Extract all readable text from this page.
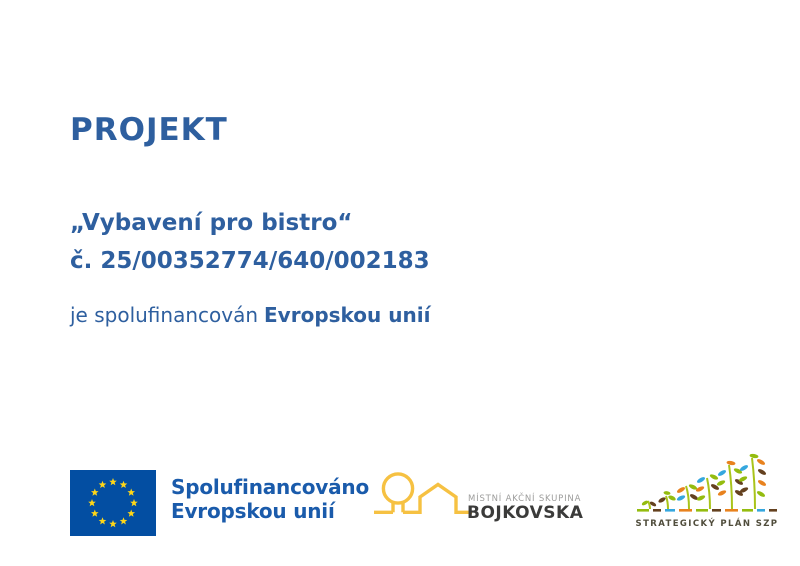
PROJEKT

„Vybavení pro bistro“

č. 25/00352774/640/002183

je spolufinancován Evropskou unií

Spolufinancováno
Evropskou unií	MÍSTNÍ AKČNÍ SKUPINA
BOJKOVSKA
STRATEGICKÝ PLÁN SZP
